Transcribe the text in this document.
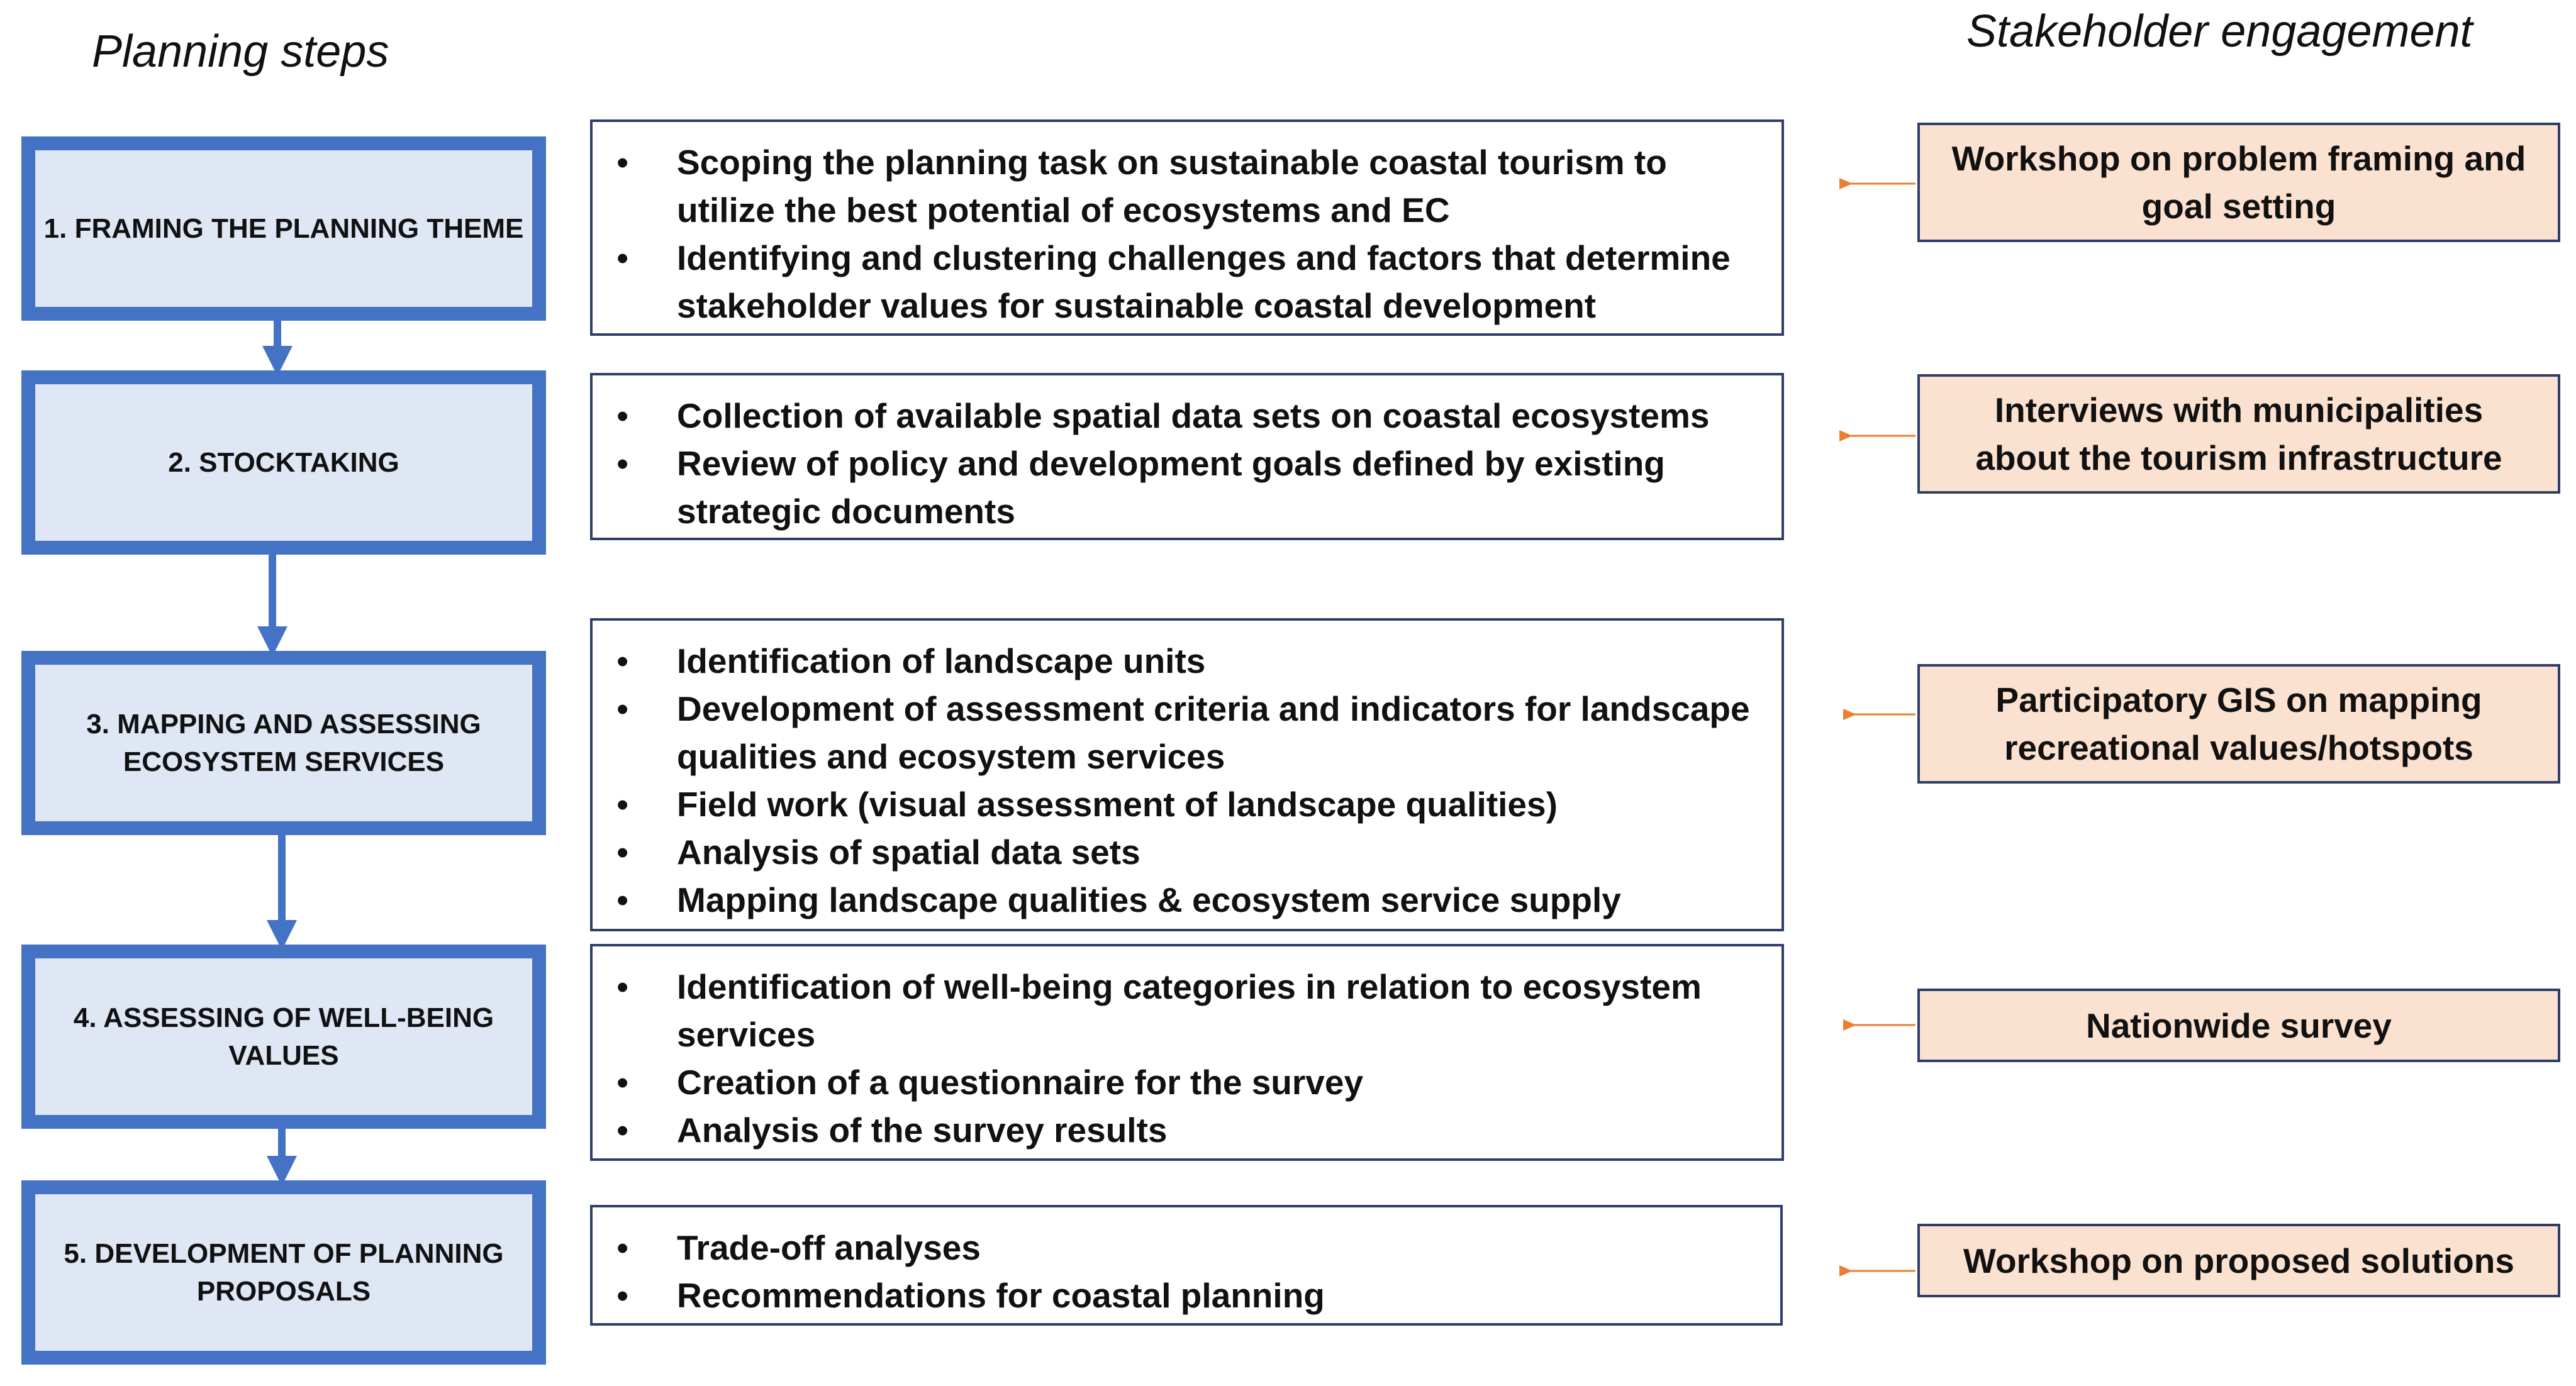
Planning steps	Stakeholder engagement
1. FRAMING THE PLANNING THEME
• Scoping the planning task on sustainable coastal tourism to utilize the best potential of ecosystems and EC
• Identifying and clustering challenges and factors that determine stakeholder values for sustainable coastal development
Workshop on problem framing and
goal setting
2. STOCKTAKING
• Collection of available spatial data sets on coastal ecosystems
• Review of policy and development goals defined by existing strategic documents
Interviews with municipalities
about the tourism infrastructure
3. MAPPING AND ASSESSING
ECOSYSTEM SERVICES
• Identification of landscape units
• Development of assessment criteria and indicators for landscape qualities and ecosystem services
• Field work (visual assessment of landscape qualities)
• Analysis of spatial data sets
• Mapping landscape qualities & ecosystem service supply
Participatory GIS on mapping
recreational values/hotspots
4. ASSESSING OF WELL-BEING
VALUES
• Identification of well-being categories in relation to ecosystem services
• Creation of a questionnaire for the survey
• Analysis of the survey results
Nationwide survey
5. DEVELOPMENT OF PLANNING
PROPOSALS
• Trade-off analyses
• Recommendations for coastal planning
Workshop on proposed solutions
